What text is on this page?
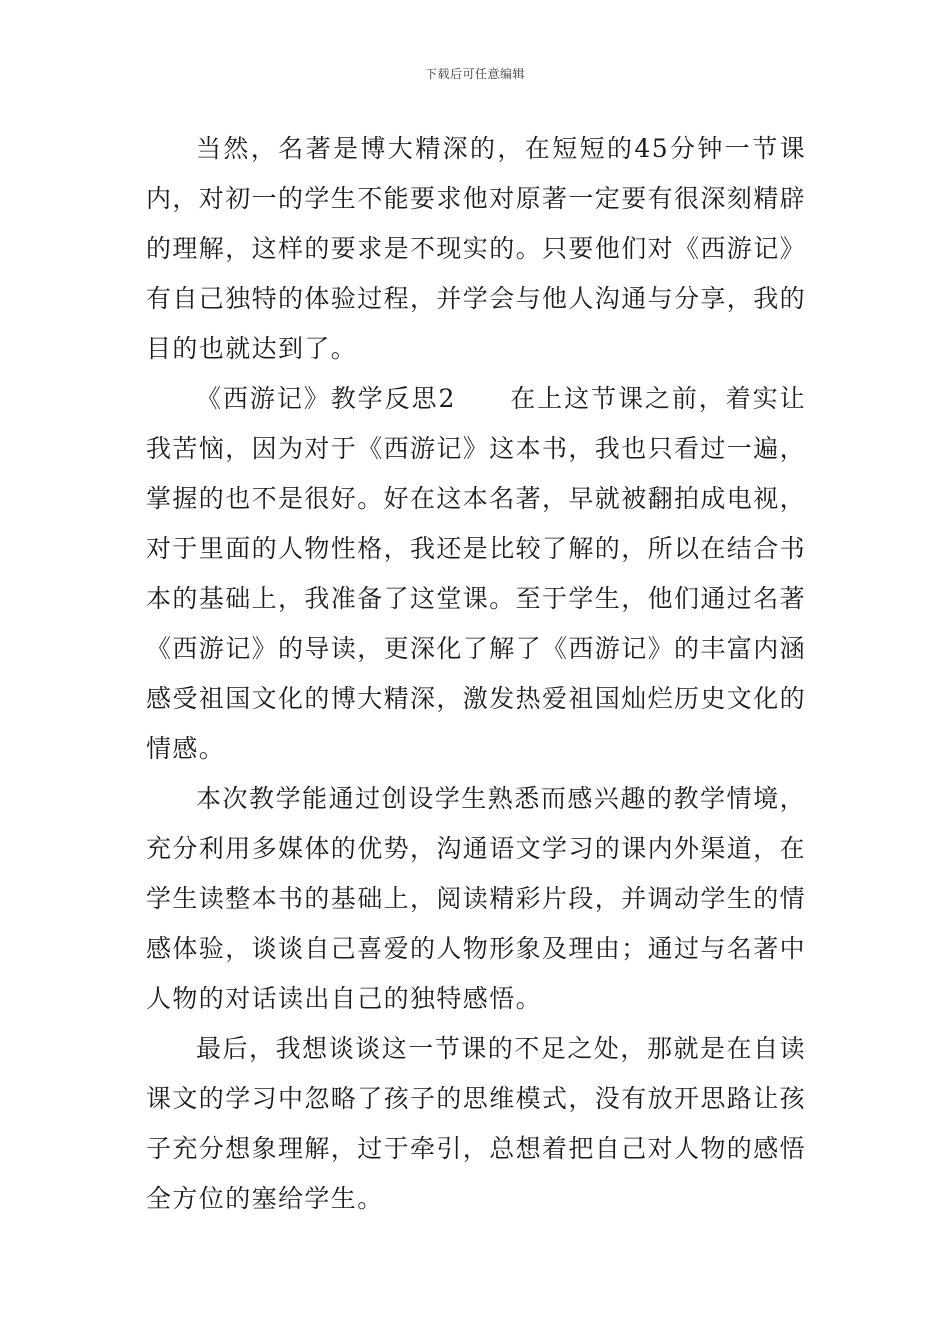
下载后可任意编辑

当然，名著是博大精深的，在短短的45分钟一节课内，对初一的学生不能要求他对原著一定要有很深刻精辟的理解，这样的要求是不现实的。只要他们对《西游记》有自己独特的体验过程，并学会与他人沟通与分享，我的目的也就达到了。

《西游记》教学反思2　　在上这节课之前，着实让我苦恼，因为对于《西游记》这本书，我也只看过一遍，掌握的也不是很好。好在这本名著，早就被翻拍成电视，对于里面的人物性格，我还是比较了解的，所以在结合书本的基础上，我准备了这堂课。至于学生，他们通过名著《西游记》的导读，更深化了解了《西游记》的丰富内涵感受祖国文化的博大精深，激发热爱祖国灿烂历史文化的情感。

本次教学能通过创设学生熟悉而感兴趣的教学情境，充分利用多媒体的优势，沟通语文学习的课内外渠道，在学生读整本书的基础上，阅读精彩片段，并调动学生的情感体验，谈谈自己喜爱的人物形象及理由；通过与名著中人物的对话读出自己的独特感悟。

最后，我想谈谈这一节课的不足之处，那就是在自读课文的学习中忽略了孩子的思维模式，没有放开思路让孩子充分想象理解，过于牵引，总想着把自己对人物的感悟全方位的塞给学生。
